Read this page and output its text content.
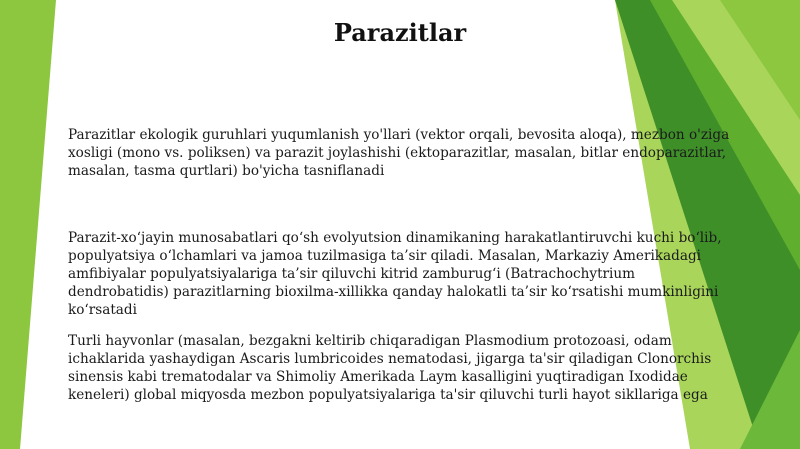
Parazitlar

Parazitlar ekologik guruhlari yuqumlanish yo'llari (vektor orqali, bevosita aloqa), mezbon o'ziga xosligi (mono vs. poliksen) va parazit joylashishi (ektoparazitlar, masalan, bitlar endoparazitlar, masalan, tasma qurtlari) bo'yicha tasniflanadi

Parazit-xo‘jayin munosabatlari qo‘sh evolyutsion dinamikaning harakatlantiruvchi kuchi bo‘lib, populyatsiya o‘lchamlari va jamoa tuzilmasiga ta’sir qiladi. Masalan, Markaziy Amerikadagi amfibiyalar populyatsiyalariga ta’sir qiluvchi kitrid zamburug‘i (Batrachochytrium dendrobatidis) parazitlarning bioxilma-xillikka qanday halokatli ta’sir ko‘rsatishi mumkinligini ko‘rsatadi

Turli hayvonlar (masalan, bezgakni keltirib chiqaradigan Plasmodium protozoasi, odam ichaklarida yashaydigan Ascaris lumbricoides nematodasi, jigarga ta'sir qiladigan Clonorchis sinensis kabi trematodalar va Shimoliy Amerikada Laym kasalligini yuqtiradigan Ixodidae keneleri) global miqyosda mezbon populyatsiyalariga ta'sir qiluvchi turli hayot sikllariga ega
